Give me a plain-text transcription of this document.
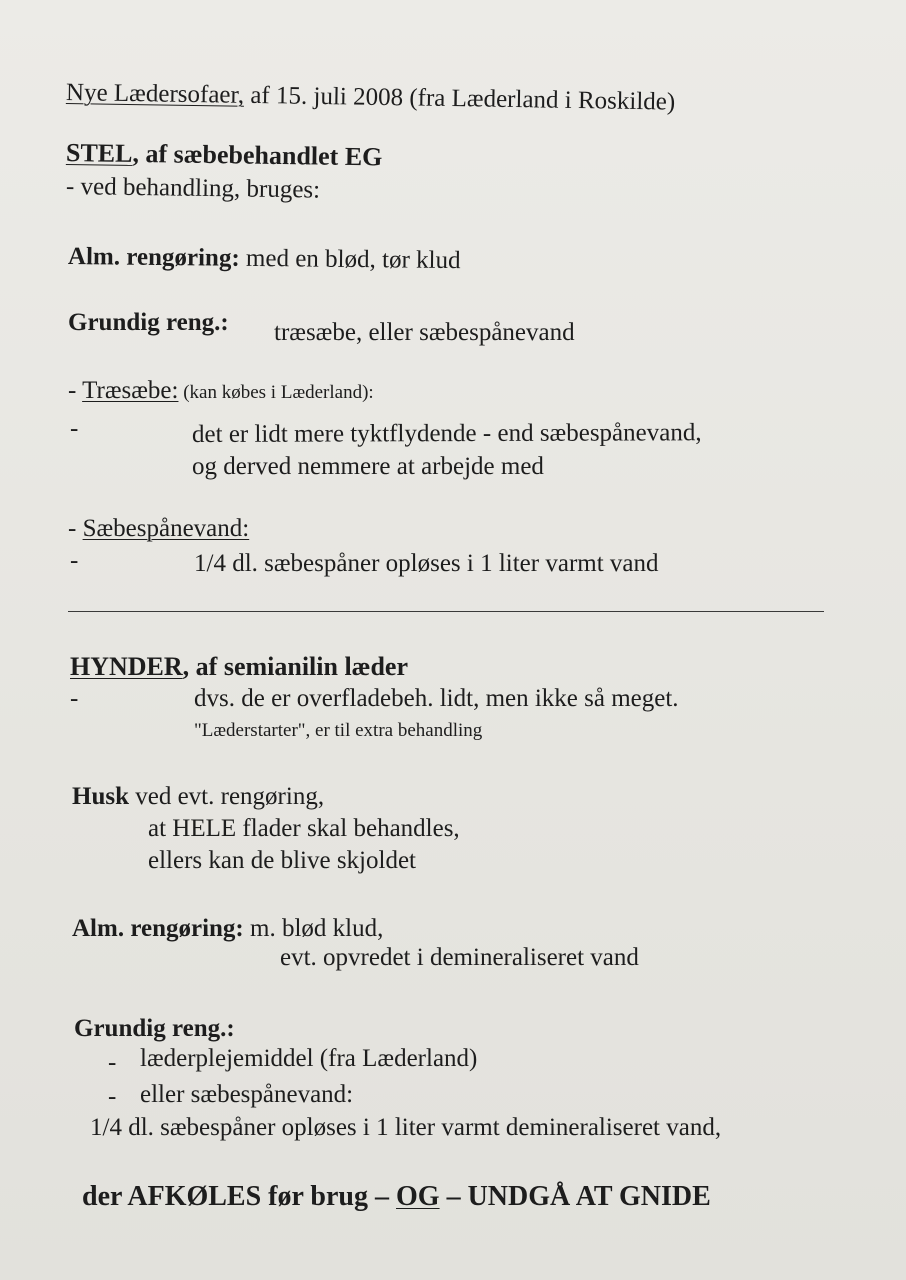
Nye Lædersofaer, af 15. juli 2008 (fra Læderland i Roskilde)
STEL, af sæbebehandlet EG
- ved behandling, bruges:
Alm. rengøring: med en blød, tør klud
Grundig reng.: træsæbe, eller sæbespånevand
- Træsæbe: (kan købes i Læderland):
-	det er lidt mere tyktflydende - end sæbespånevand,
og derved nemmere at arbejde med
- Sæbespånevand:
-	1/4 dl. sæbespåner opløses i 1 liter varmt vand
HYNDER, af semianilin læder
-	dvs. de er overfladebeh. lidt, men ikke så meget.
"Læderstarter", er til extra behandling
Husk ved evt. rengøring,
at HELE flader skal behandles,
ellers kan de blive skjoldet
Alm. rengøring: m. blød klud,
evt. opvredet i demineraliseret vand
Grundig reng.:
- læderplejemiddel (fra Læderland)
- eller sæbespånevand:
1/4 dl. sæbespåner opløses i 1 liter varmt demineraliseret vand,
der AFKØLES før brug – OG – UNDGÅ AT GNIDE
